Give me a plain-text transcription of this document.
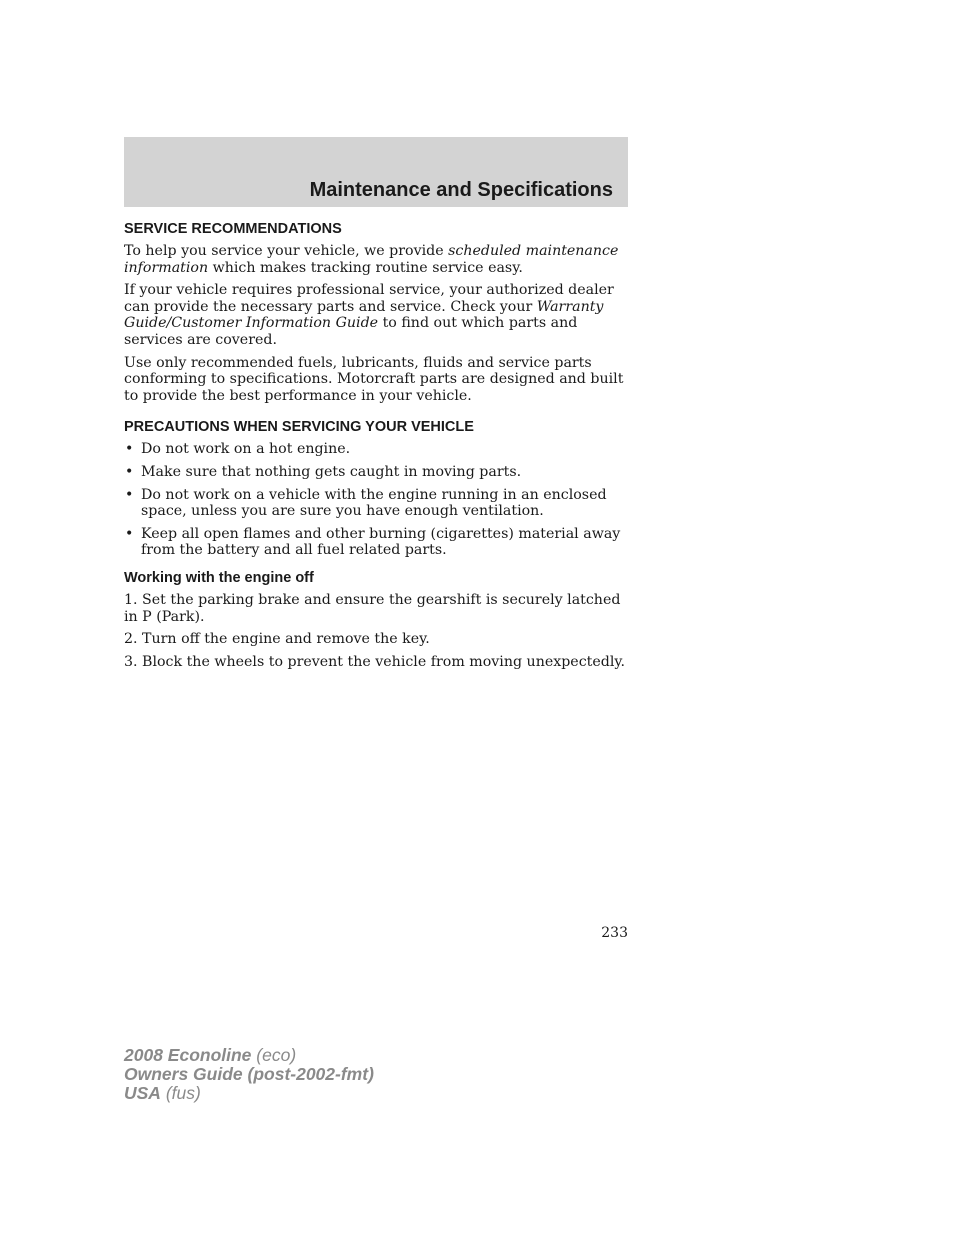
Maintenance and Specifications
SERVICE RECOMMENDATIONS

To help you service your vehicle, we provide scheduled maintenance information which makes tracking routine service easy.

If your vehicle requires professional service, your authorized dealer can provide the necessary parts and service. Check your Warranty Guide/Customer Information Guide to find out which parts and services are covered.

Use only recommended fuels, lubricants, fluids and service parts conforming to specifications. Motorcraft parts are designed and built to provide the best performance in your vehicle.

PRECAUTIONS WHEN SERVICING YOUR VEHICLE
• Do not work on a hot engine.
• Make sure that nothing gets caught in moving parts.
• Do not work on a vehicle with the engine running in an enclosed space, unless you are sure you have enough ventilation.
• Keep all open flames and other burning (cigarettes) material away from the battery and all fuel related parts.
Working with the engine off
1. Set the parking brake and ensure the gearshift is securely latched in P (Park).
2. Turn off the engine and remove the key.
3. Block the wheels to prevent the vehicle from moving unexpectedly.
233
2008 Econoline (eco)
Owners Guide (post-2002-fmt)
USA (fus)
